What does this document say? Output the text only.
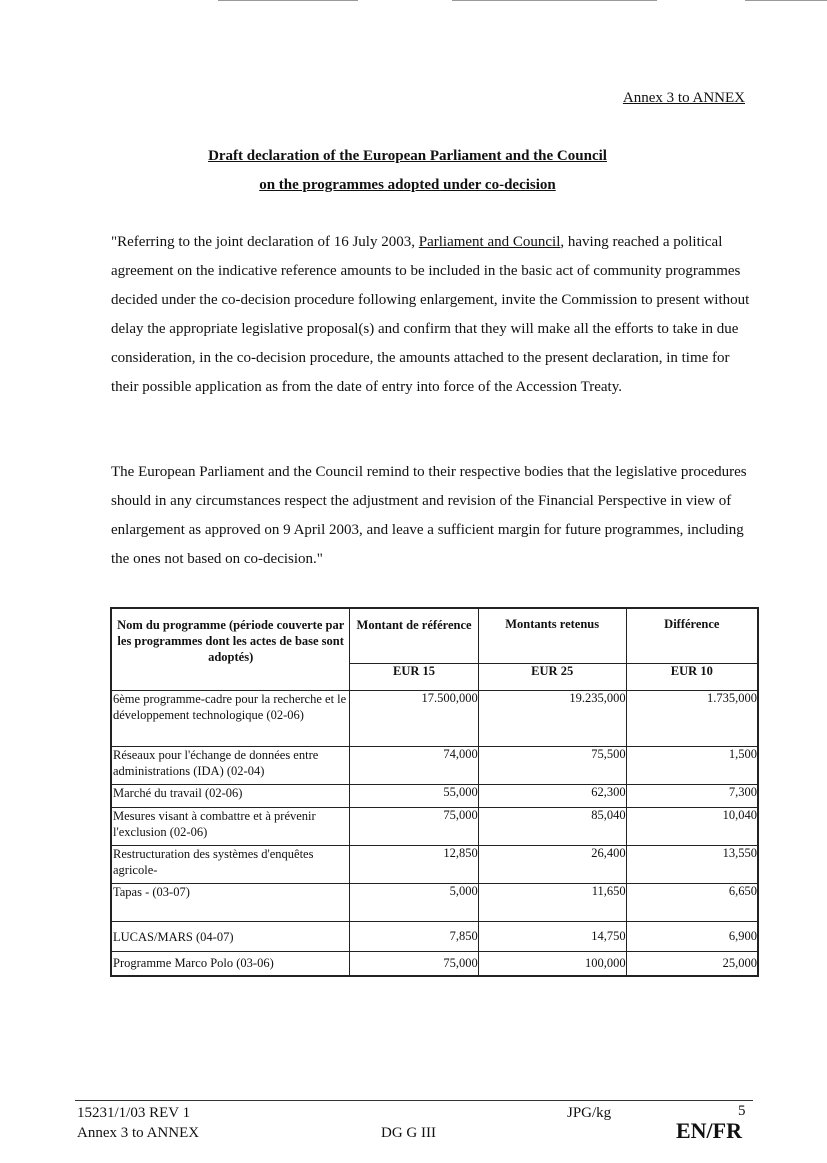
Annex 3 to ANNEX
Draft declaration of the European Parliament and the Council
on the programmes adopted under co-decision

"Referring to the joint declaration of 16 July 2003, Parliament and Council, having reached a political agreement on the indicative reference amounts to be included in the basic act of community programmes decided under the co-decision procedure following enlargement, invite the Commission to present without delay the appropriate legislative proposal(s) and confirm that they will make all the efforts to take in due consideration, in the co-decision procedure, the amounts attached to the present declaration, in time for their possible application as from the date of entry into force of the Accession Treaty.

The European Parliament and the Council remind to their respective bodies that the legislative procedures should in any circumstances respect the adjustment and revision of the Financial Perspective in view of enlargement as approved on 9 April 2003, and leave a sufficient margin for future programmes, including the ones not based on co-decision."

Nom du programme (période couverte par les programmes dont les actes de base sont adoptés)	Montant de référence	Montants retenus	Différence
	EUR 15	EUR 25	EUR 10
6ème programme-cadre pour la recherche et le développement technologique (02-06)	17.500,000	19.235,000	1.735,000
Réseaux pour l'échange de données entre administrations (IDA) (02-04)	74,000	75,500	1,500
Marché du travail (02-06)	55,000	62,300	7,300
Mesures visant à combattre et à prévenir l'exclusion (02-06)	75,000	85,040	10,040
Restructuration des systèmes d'enquêtes agricole-	12,850	26,400	13,550
Tapas - (03-07)	5,000	11,650	6,650
LUCAS/MARS (04-07)	7,850	14,750	6,900
Programme Marco Polo (03-06)	75,000	100,000	25,000
15231/1/03 REV 1
Annex 3 to ANNEX	DG G III
JPG/kg	5
EN/FR
